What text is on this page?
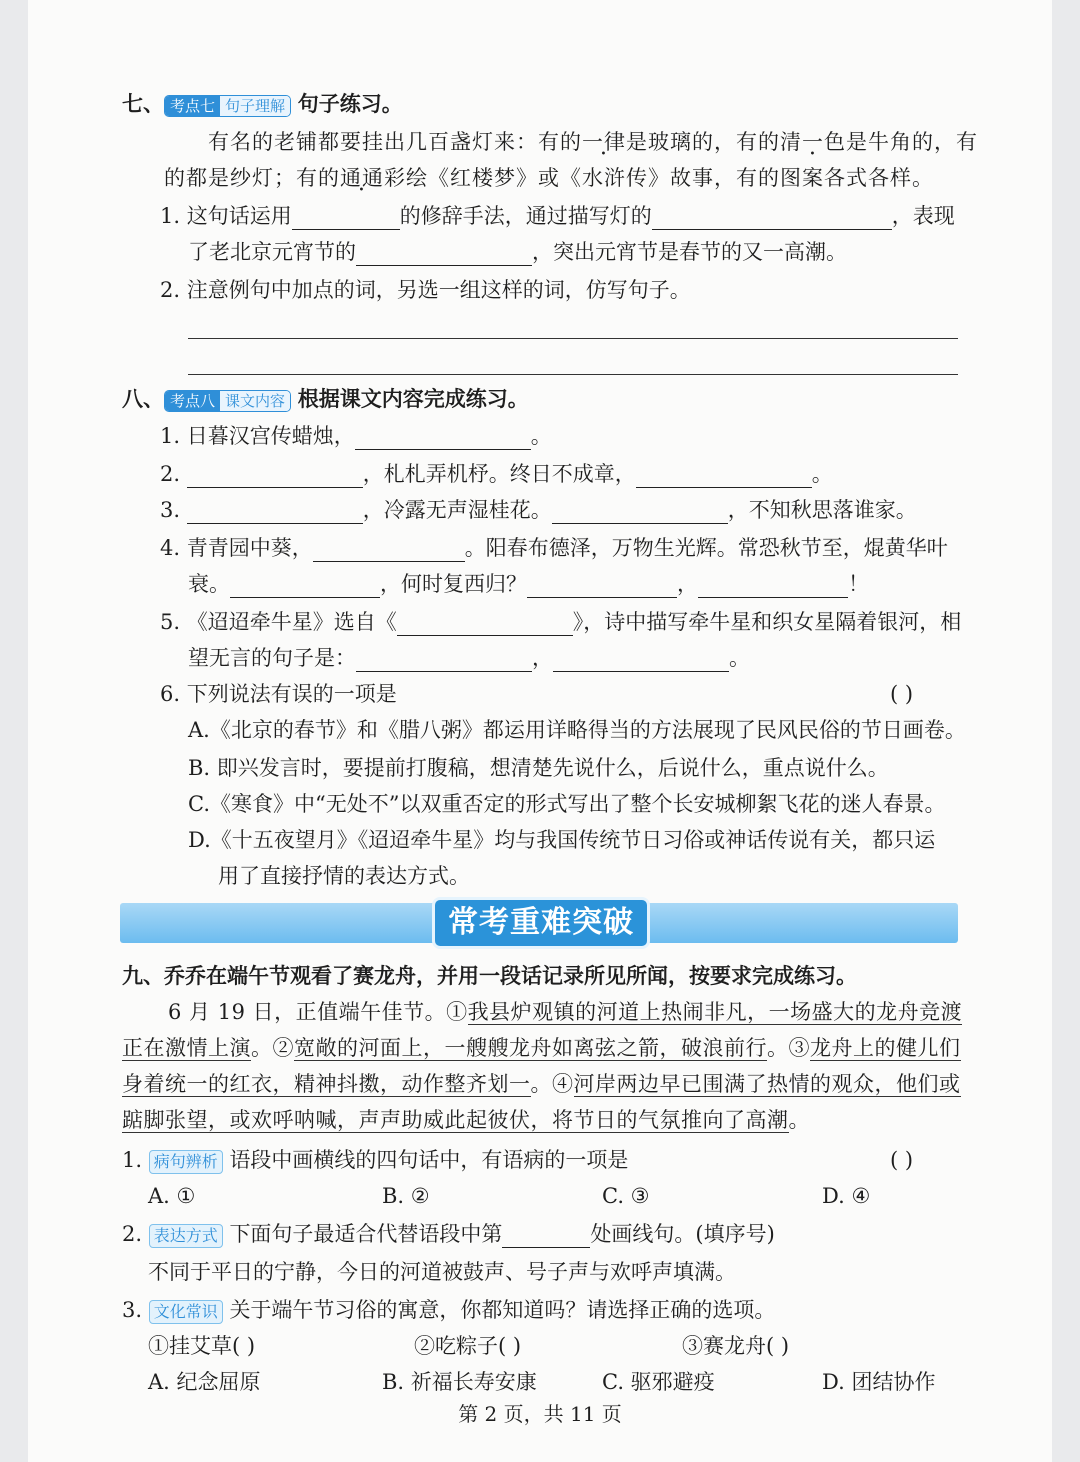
七、 考点七 句子理解 句子练习。
有名的老铺都要挂出几百盏灯来：有的一律是玻璃的，有的清一色是牛角的，有
的都是纱灯；有的通通彩绘《红楼梦》或《水浒传》故事，有的图案各式各样。
1. 这句话运用	的修辞手法，通过描写灯的	，表现
了老北京元宵节的	，突出元宵节是春节的又一高潮。
2. 注意例句中加点的词，另选一组这样的词，仿写句子。
八、 考点八 课文内容 根据课文内容完成练习。
1. 日暮汉宫传蜡烛，	。
2.	，札札弄机杼。终日不成章，	。
3.	，冷露无声湿桂花。	，不知秋思落谁家。
4. 青青园中葵，	。阳春布德泽，万物生光辉。常恐秋节至，焜黄华叶
衰。	，何时复西归？	，	！
5. 《迢迢牵牛星》选自《	》，诗中描写牵牛星和织女星隔着银河，相
望无言的句子是：	，	。
6. 下列说法有误的一项是	( )
A.《北京的春节》和《腊八粥》都运用详略得当的方法展现了民风民俗的节日画卷。
B. 即兴发言时，要提前打腹稿，想清楚先说什么，后说什么，重点说什么。
C.《寒食》中“无处不”以双重否定的形式写出了整个长安城柳絮飞花的迷人春景。
D.《十五夜望月》《迢迢牵牛星》均与我国传统节日习俗或神话传说有关，都只运
用了直接抒情的表达方式。
常考重难突破
九、乔乔在端午节观看了赛龙舟，并用一段话记录所见所闻，按要求完成练习。
6 月 19 日，正值端午佳节。①我县炉观镇的河道上热闹非凡，一场盛大的龙舟竞渡
正在激情上演。②宽敞的河面上，一艘艘龙舟如离弦之箭，破浪前行。③龙舟上的健儿们
身着统一的红衣，精神抖擞，动作整齐划一。④河岸两边早已围满了热情的观众，他们或
踮脚张望，或欢呼呐喊，声声助威此起彼伏，将节日的气氛推向了高潮。
1. 病句辨析 语段中画横线的四句话中，有语病的一项是	( )
A. ①	B. ②	C. ③	D. ④
2. 表达方式 下面句子最适合代替语段中第	处画线句。(填序号)
不同于平日的宁静，今日的河道被鼓声、号子声与欢呼声填满。
3. 文化常识 关于端午节习俗的寓意，你都知道吗？请选择正确的选项。
①挂艾草( )	②吃粽子( )	③赛龙舟( )
A. 纪念屈原	B. 祈福长寿安康	C. 驱邪避疫	D. 团结协作
第 2 页，共 11 页
